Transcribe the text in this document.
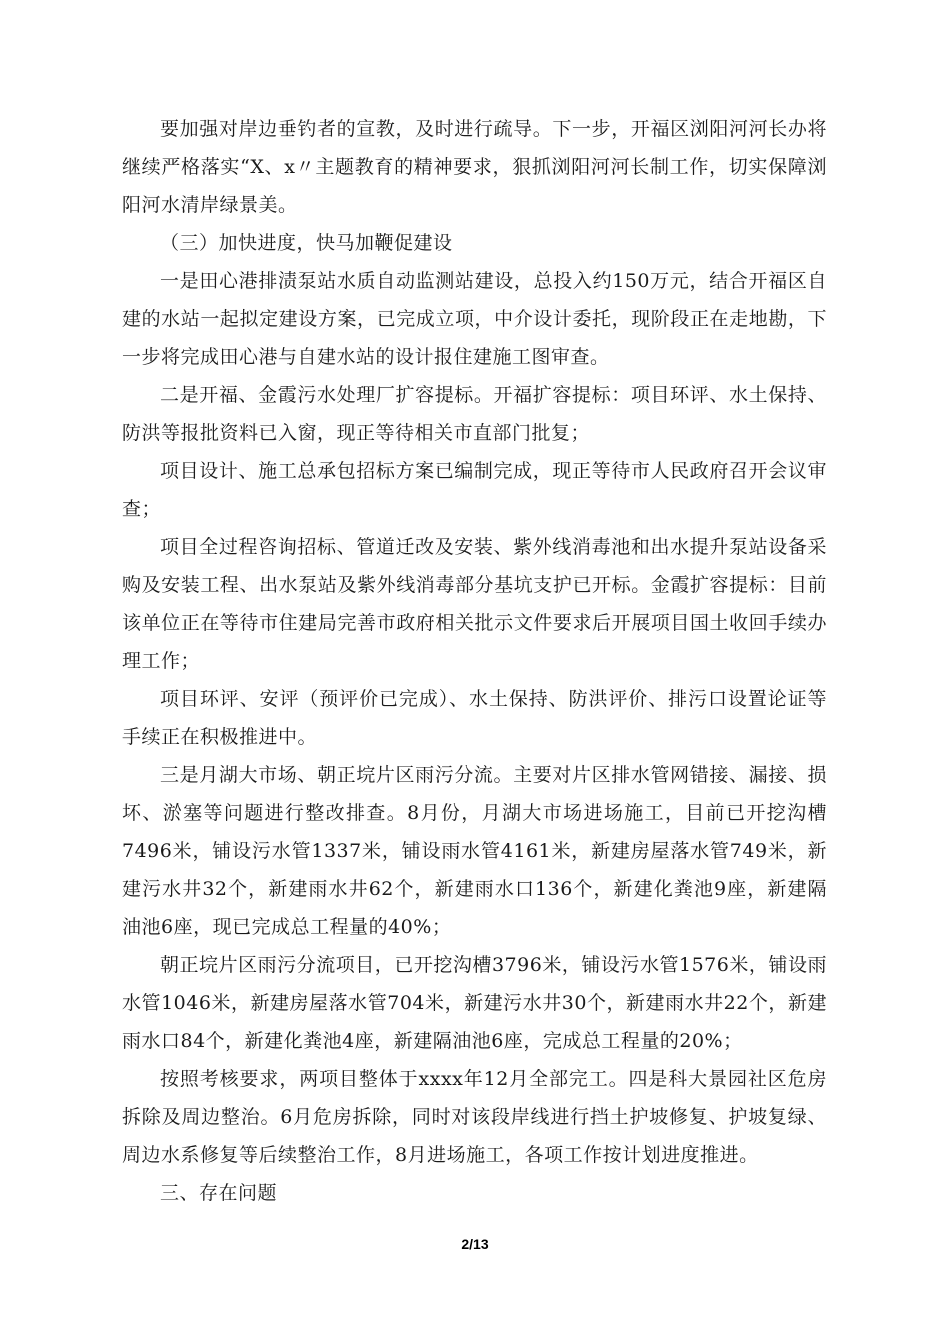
要加强对岸边垂钓者的宣教，及时进行疏导。下一步，开福区浏阳河河长办将继续严格落实“X、x〃主题教育的精神要求，狠抓浏阳河河长制工作，切实保障浏阳河水清岸绿景美。

（三）加快进度，快马加鞭促建设

一是田心港排渍泵站水质自动监测站建设，总投入约150万元，结合开福区自建的水站一起拟定建设方案，已完成立项，中介设计委托，现阶段正在走地勘，下一步将完成田心港与自建水站的设计报住建施工图审查。

二是开福、金霞污水处理厂扩容提标。开福扩容提标：项目环评、水土保持、防洪等报批资料已入窗，现正等待相关市直部门批复；

项目设计、施工总承包招标方案已编制完成，现正等待市人民政府召开会议审查；

项目全过程咨询招标、管道迁改及安装、紫外线消毒池和出水提升泵站设备采购及安装工程、出水泵站及紫外线消毒部分基坑支护已开标。金霞扩容提标：目前该单位正在等待市住建局完善市政府相关批示文件要求后开展项目国土收回手续办理工作；

项目环评、安评（预评价已完成）、水土保持、防洪评价、排污口设置论证等手续正在积极推进中。

三是月湖大市场、朝正垸片区雨污分流。主要对片区排水管网错接、漏接、损坏、淤塞等问题进行整改排查。8月份，月湖大市场进场施工，目前已开挖沟槽7496米，铺设污水管1337米，铺设雨水管4161米，新建房屋落水管749米，新建污水井32个，新建雨水井62个，新建雨水口136个，新建化粪池9座，新建隔油池6座，现已完成总工程量的40%；

朝正垸片区雨污分流项目，已开挖沟槽3796米，铺设污水管1576米，铺设雨水管1046米，新建房屋落水管704米，新建污水井30个，新建雨水井22个，新建雨水口84个，新建化粪池4座，新建隔油池6座，完成总工程量的20%；

按照考核要求，两项目整体于xxxx年12月全部完工。四是科大景园社区危房拆除及周边整治。6月危房拆除，同时对该段岸线进行挡土护坡修复、护坡复绿、周边水系修复等后续整治工作，8月进场施工，各项工作按计划进度推进。

三、存在问题

2/13
